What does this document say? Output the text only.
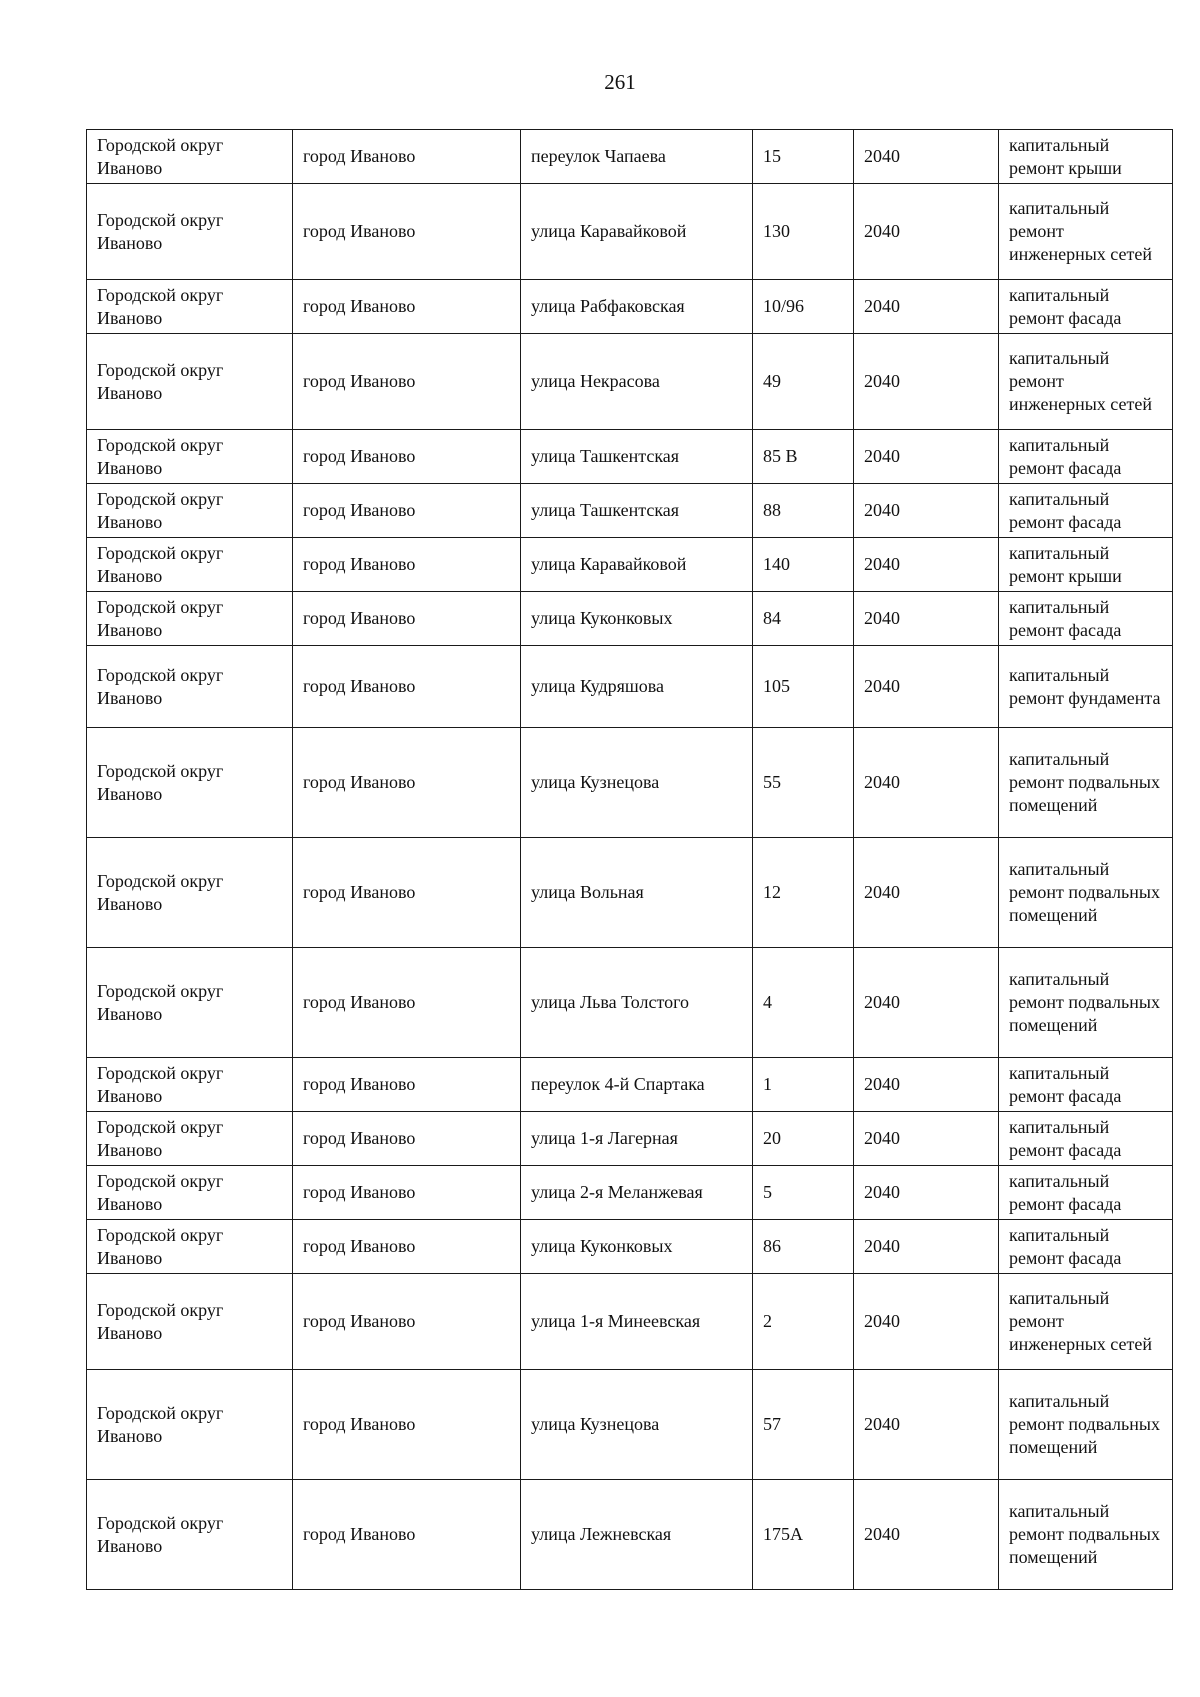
261
Городской округ Иваново	город Иваново	переулок Чапаева	15	2040	капитальный ремонт крыши
Городской округ Иваново	город Иваново	улица Каравайковой	130	2040	капитальный ремонт инженерных сетей
Городской округ Иваново	город Иваново	улица Рабфаковская	10/96	2040	капитальный ремонт фасада
Городской округ Иваново	город Иваново	улица Некрасова	49	2040	капитальный ремонт инженерных сетей
Городской округ Иваново	город Иваново	улица Ташкентская	85 В	2040	капитальный ремонт фасада
Городской округ Иваново	город Иваново	улица Ташкентская	88	2040	капитальный ремонт фасада
Городской округ Иваново	город Иваново	улица Каравайковой	140	2040	капитальный ремонт крыши
Городской округ Иваново	город Иваново	улица Куконковых	84	2040	капитальный ремонт фасада
Городской округ Иваново	город Иваново	улица Кудряшова	105	2040	капитальный ремонт фундамента
Городской округ Иваново	город Иваново	улица Кузнецова	55	2040	капитальный ремонт подвальных помещений
Городской округ Иваново	город Иваново	улица Вольная	12	2040	капитальный ремонт подвальных помещений
Городской округ Иваново	город Иваново	улица Льва Толстого	4	2040	капитальный ремонт подвальных помещений
Городской округ Иваново	город Иваново	переулок 4-й Спартака	1	2040	капитальный ремонт фасада
Городской округ Иваново	город Иваново	улица 1-я Лагерная	20	2040	капитальный ремонт фасада
Городской округ Иваново	город Иваново	улица 2-я Меланжевая	5	2040	капитальный ремонт фасада
Городской округ Иваново	город Иваново	улица Куконковых	86	2040	капитальный ремонт фасада
Городской округ Иваново	город Иваново	улица 1-я Минеевская	2	2040	капитальный ремонт инженерных сетей
Городской округ Иваново	город Иваново	улица Кузнецова	57	2040	капитальный ремонт подвальных помещений
Городской округ Иваново	город Иваново	улица Лежневская	175А	2040	капитальный ремонт подвальных помещений
